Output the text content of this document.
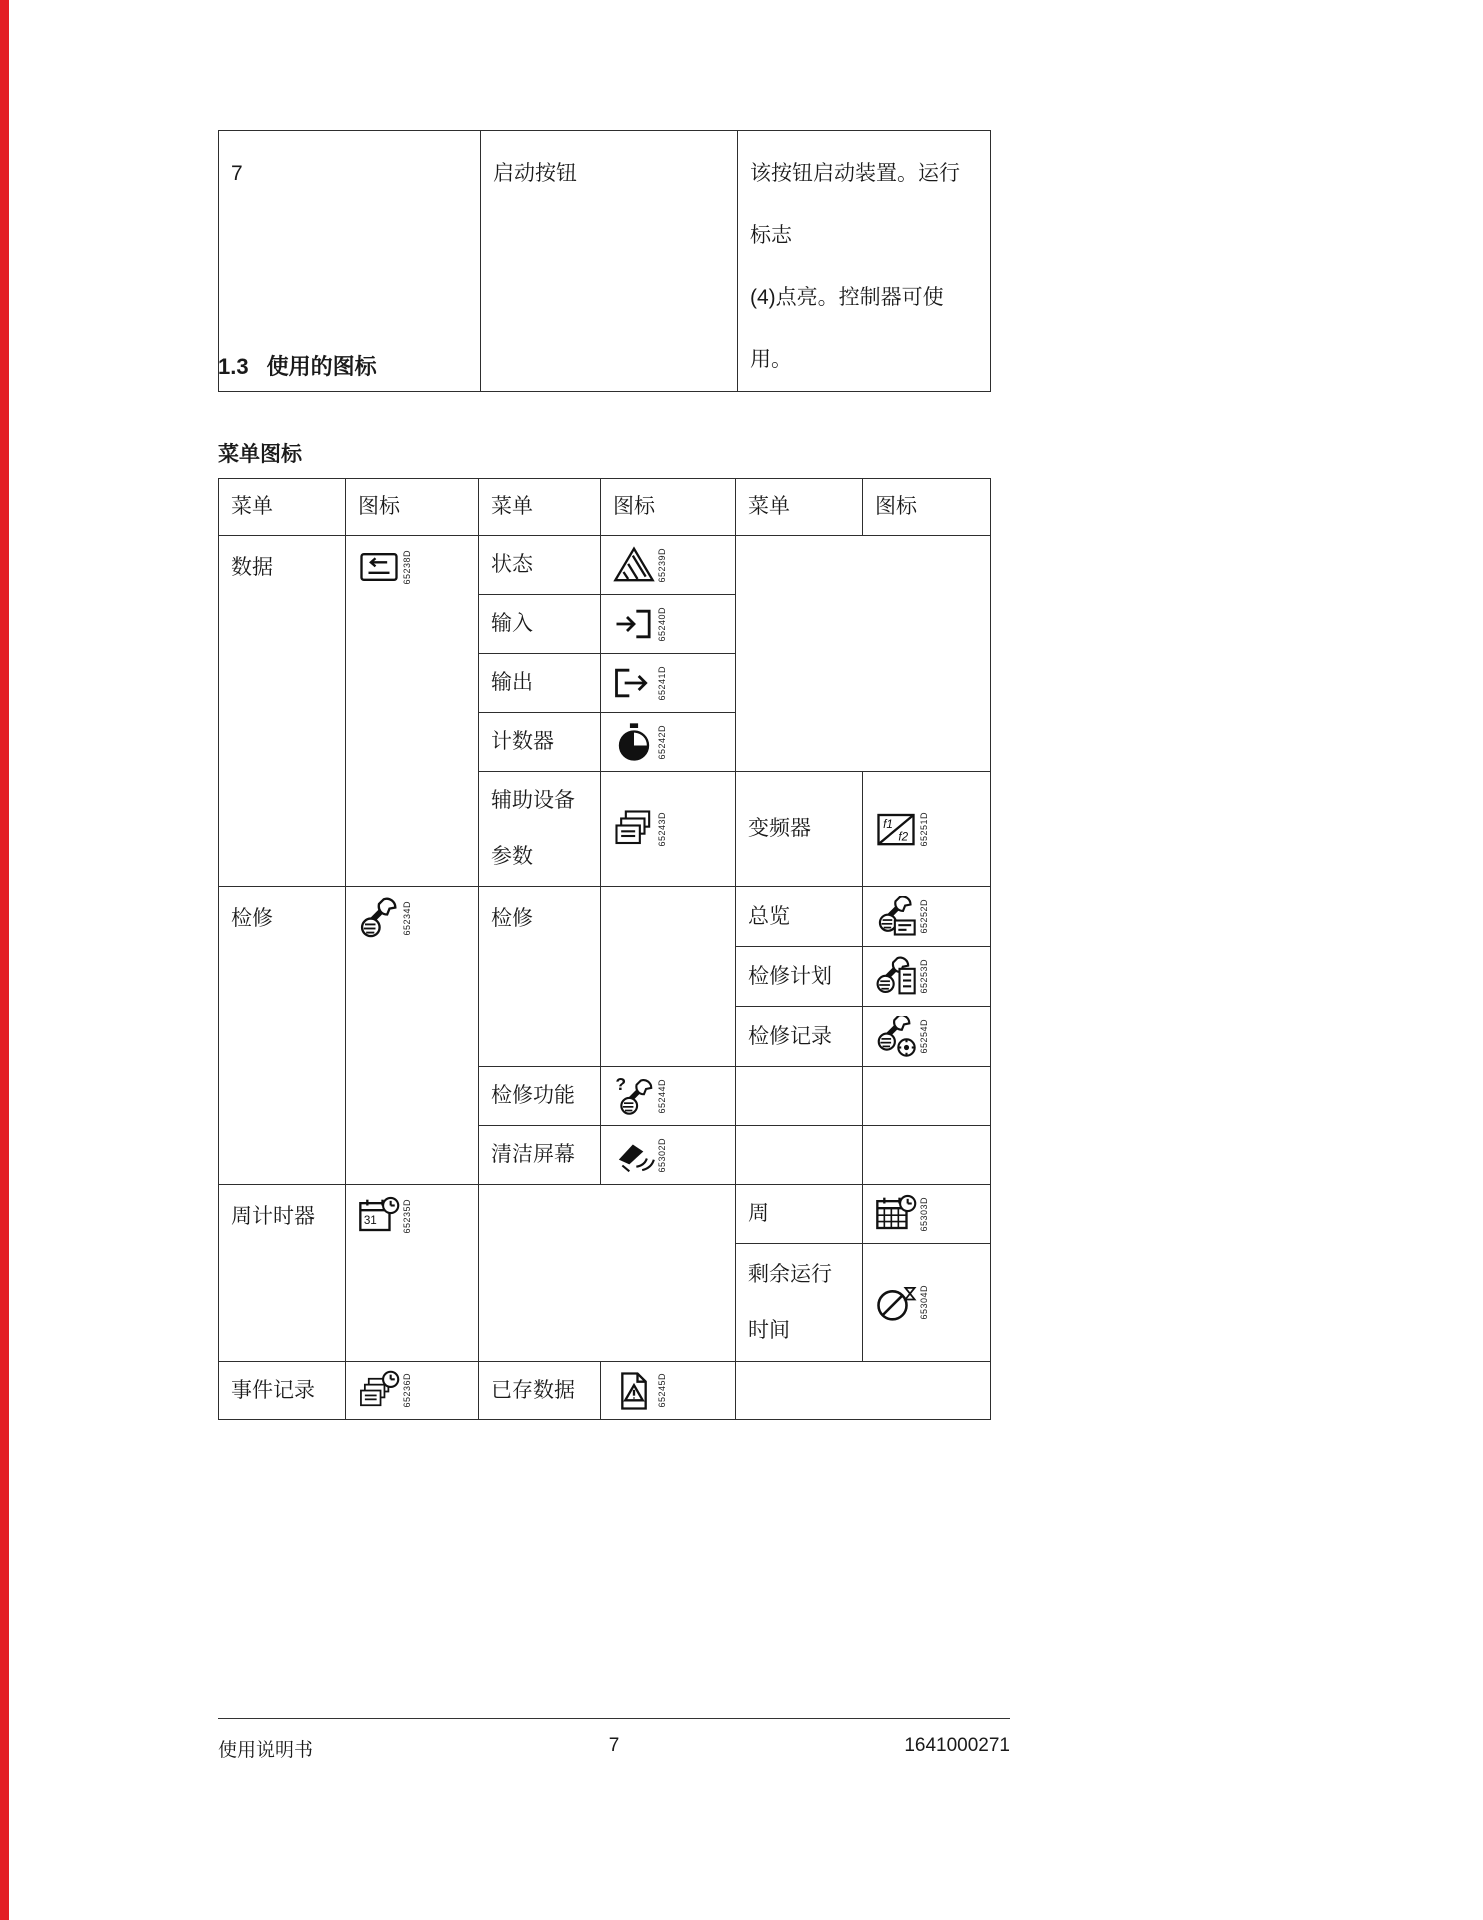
7	启动按钮	该按钮启动装置。运行标志
(4)点亮。控制器可使用。
1.3 使用的图标
菜单图标
菜单	图标	菜单	图标	菜单	图标
数据	65238D	状态	65239D		

		输入	65240D		

		输出	65241D		

		计数器	65242D		

		辅助设备参数	65243D	变频器	65251D

检修	65234D	检修		总览	65252D

				检修计划	65253D

				检修记录	65254D

		检修功能	? 65244D		

		清洁屏幕	65302D		

周计时器	31 65235D			周	65303D

				剩余运行时间	65304D

事件记录	65236D	已存数据	65245D		

使用说明书	7	1641000271
